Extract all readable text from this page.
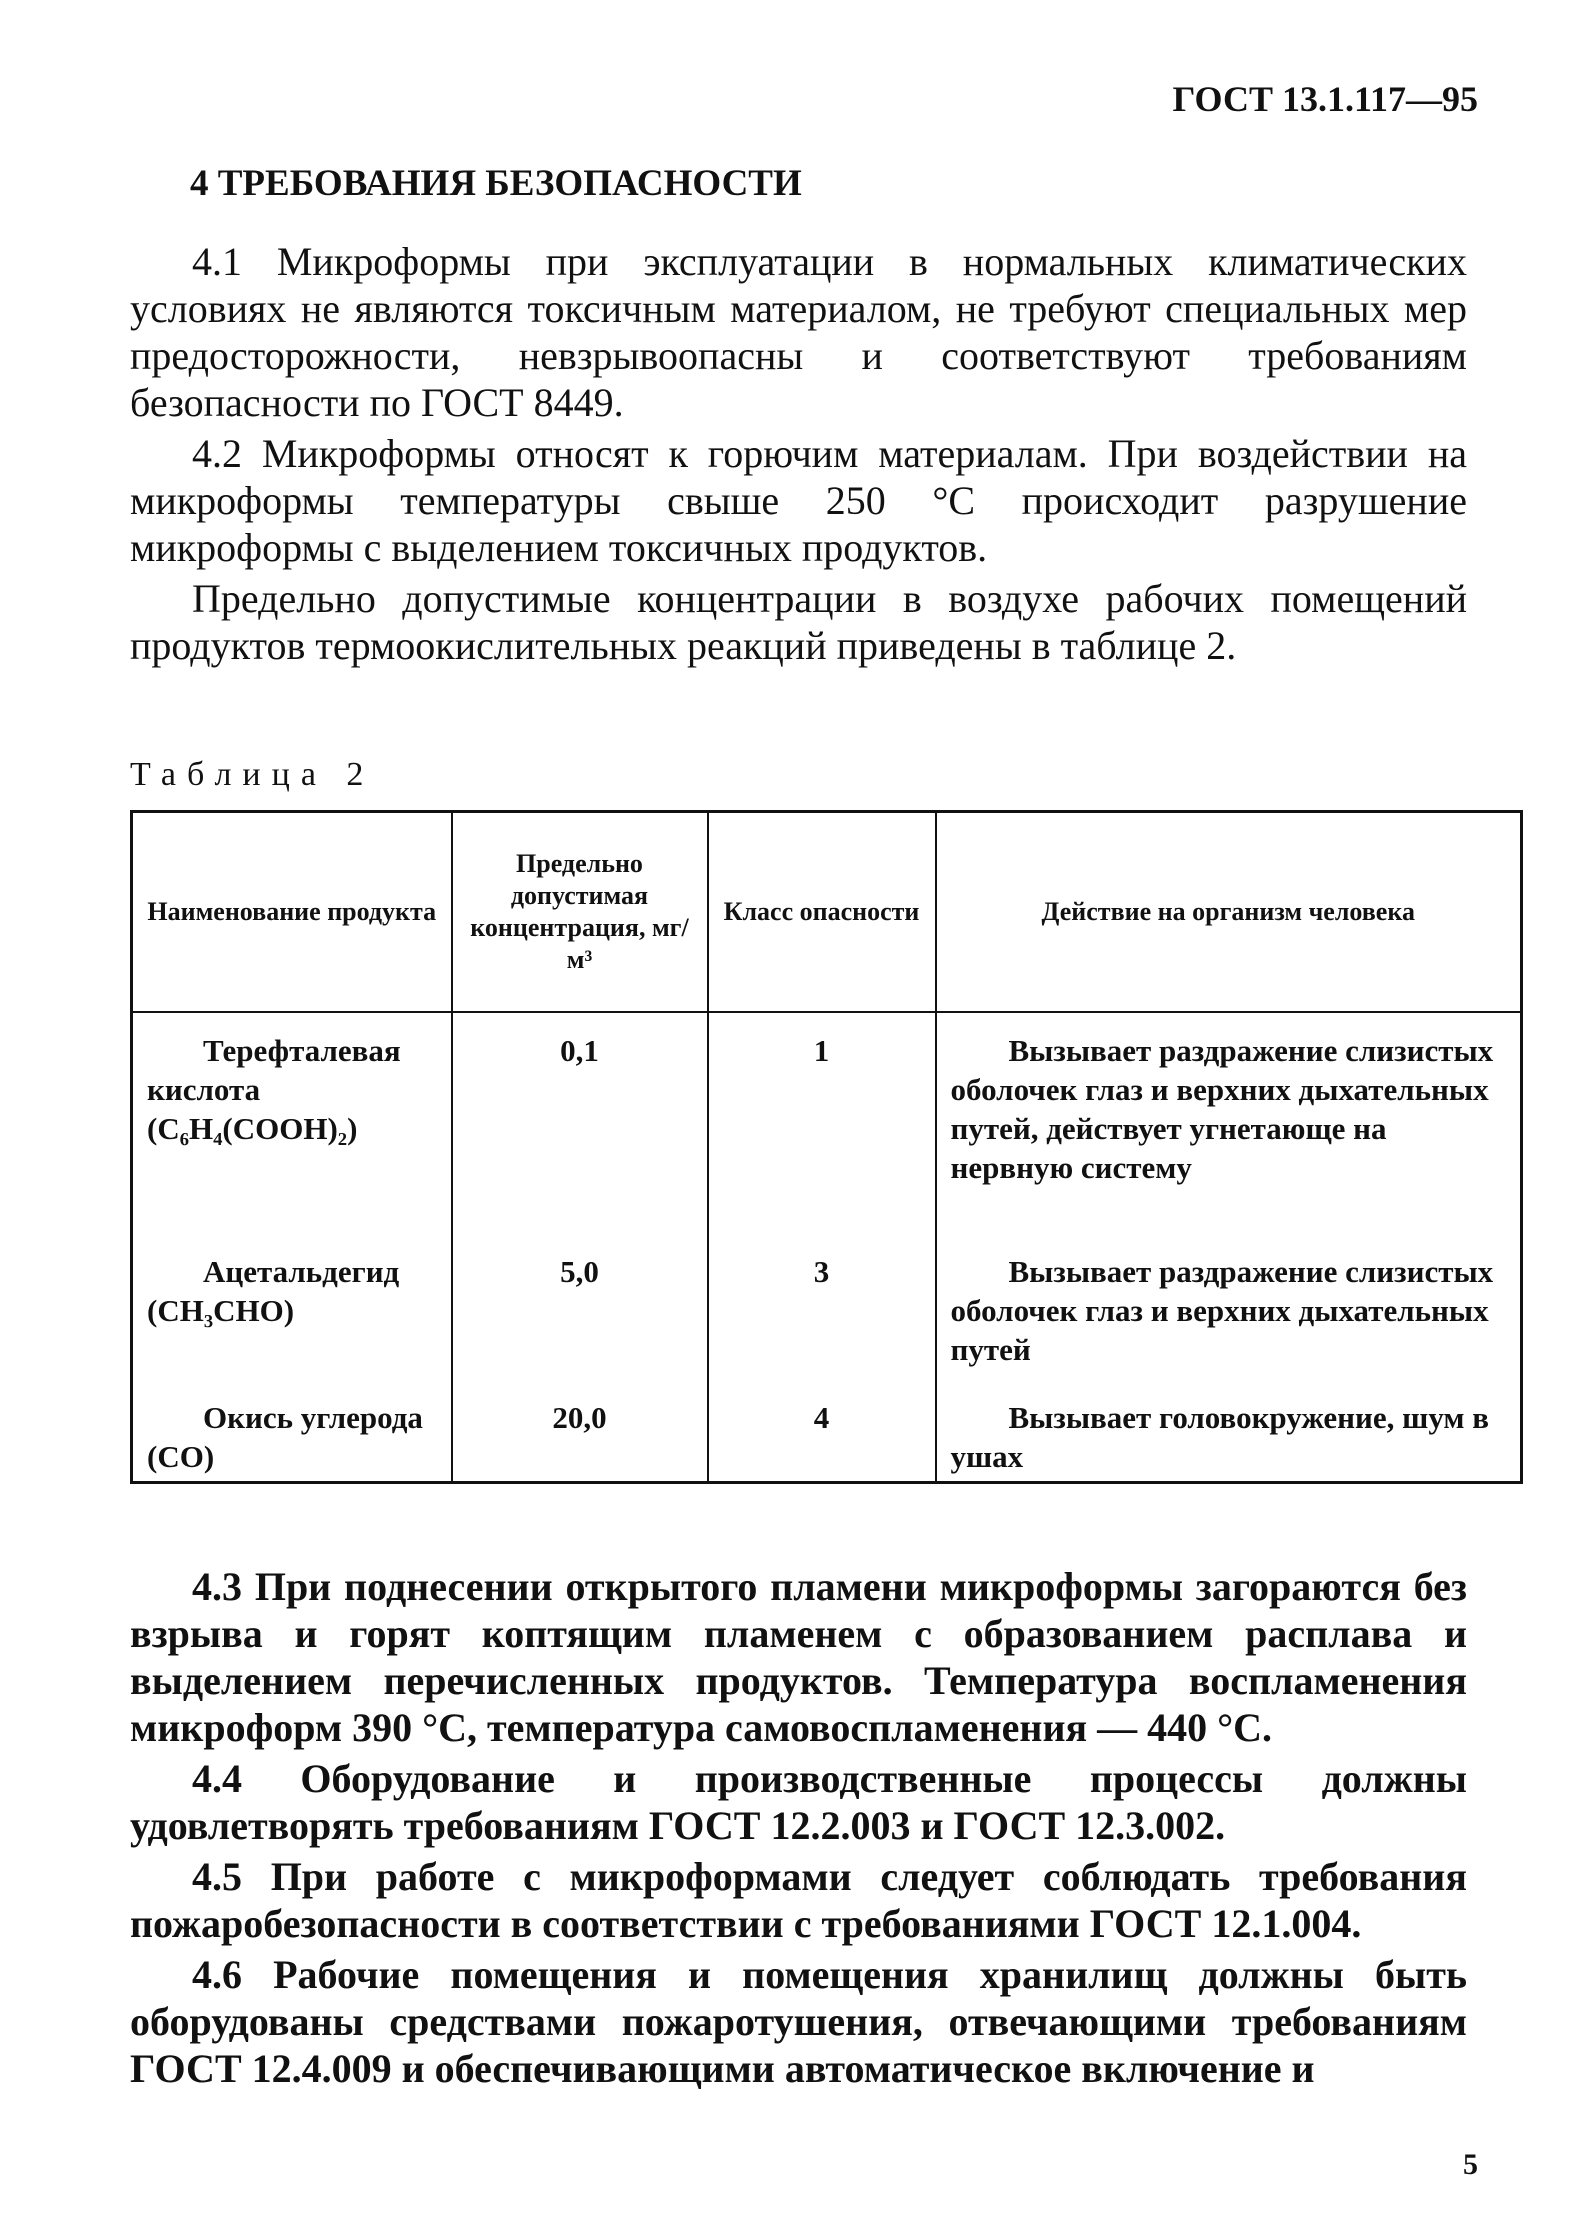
ГОСТ 13.1.117—95
4 ТРЕБОВАНИЯ БЕЗОПАСНОСТИ

4.1 Микроформы при эксплуатации в нормальных климатических условиях не являются токсичным материалом, не требуют специальных мер предосторожности, невзрывоопасны и соответствуют требованиям безопасности по ГОСТ 8449.

4.2 Микроформы относят к горючим материалам. При воздействии на микроформы температуры свыше 250 °С происходит разрушение микроформы с выделением токсичных продуктов.

Предельно допустимые концентрации в воздухе рабочих помещений продуктов термоокислительных реакций приведены в таблице 2.

Таблица 2
Наименование продукта	Предельно допустимая концентрация, мг/м³	Класс опасности	Действие на организм человека

Терефталевая кислота
(C₆H₄(COOH)₂)	0,1	1	Вызывает раздражение слизистых оболочек глаз и верхних дыхательных путей, действует угнетающе на нервную систему

Ацетальдегид
(CH₃CHO)	5,0	3	Вызывает раздражение слизистых оболочек глаз и верхних дыхательных путей

Окись углерода
(CO)	20,0	4	Вызывает головокружение, шум в ушах

4.3 При поднесении открытого пламени микроформы загораются без взрыва и горят коптящим пламенем с образованием расплава и выделением перечисленных продуктов. Температура воспламенения микроформ 390 °С, температура самовоспламенения — 440 °С.

4.4 Оборудование и производственные процессы должны удовлетворять требованиям ГОСТ 12.2.003 и ГОСТ 12.3.002.

4.5 При работе с микроформами следует соблюдать требования пожаробезопасности в соответствии с требованиями ГОСТ 12.1.004.

4.6 Рабочие помещения и помещения хранилищ должны быть оборудованы средствами пожаротушения, отвечающими требованиям ГОСТ 12.4.009 и обеспечивающими автоматическое включение и

5
